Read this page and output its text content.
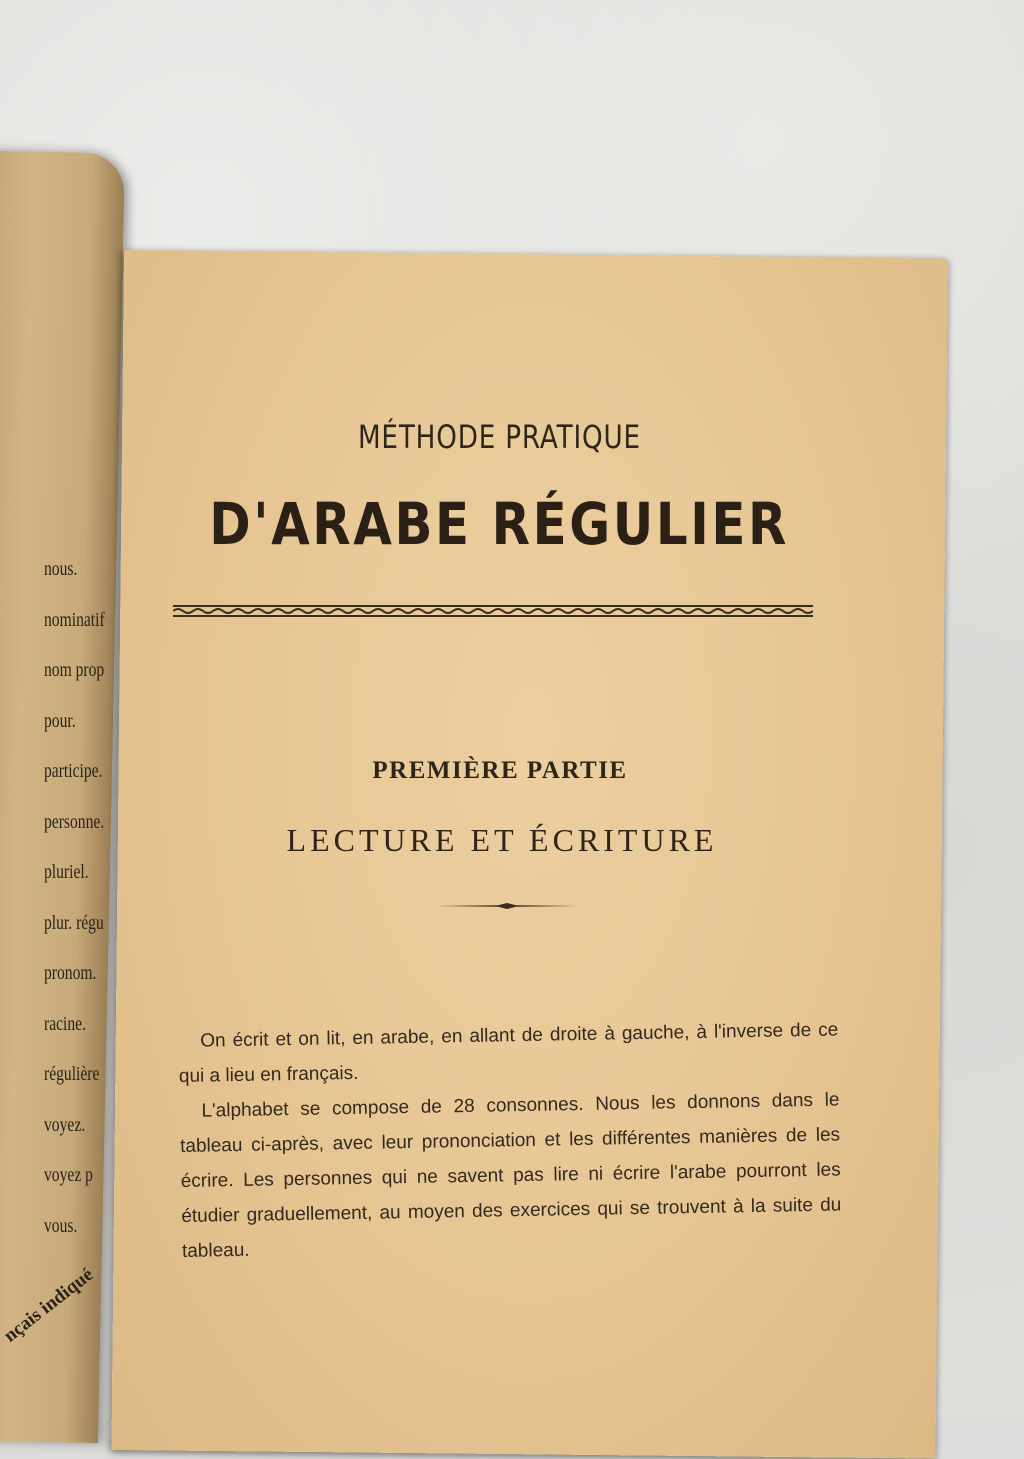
nous.
nominatif
nom prop
pour.
participe.
personne.
pluriel.
plur. régu
pronom.
racine.
régulière
voyez.
voyez p
vous.
nçais indiqué
MÉTHODE PRATIQUE
D'ARABE RÉGULIER
PREMIÈRE PARTIE
LECTURE ET ÉCRITURE

On écrit et on lit, en arabe, en allant de droite à gauche, à l'inverse de ce qui a lieu en français.

L'alphabet se compose de 28 consonnes. Nous les donnons dans le tableau ci-après, avec leur prononciation et les différentes manières de les écrire. Les personnes qui ne savent pas lire ni écrire l'arabe pourront les étudier graduellement, au moyen des exercices qui se trouvent à la suite du tableau.
